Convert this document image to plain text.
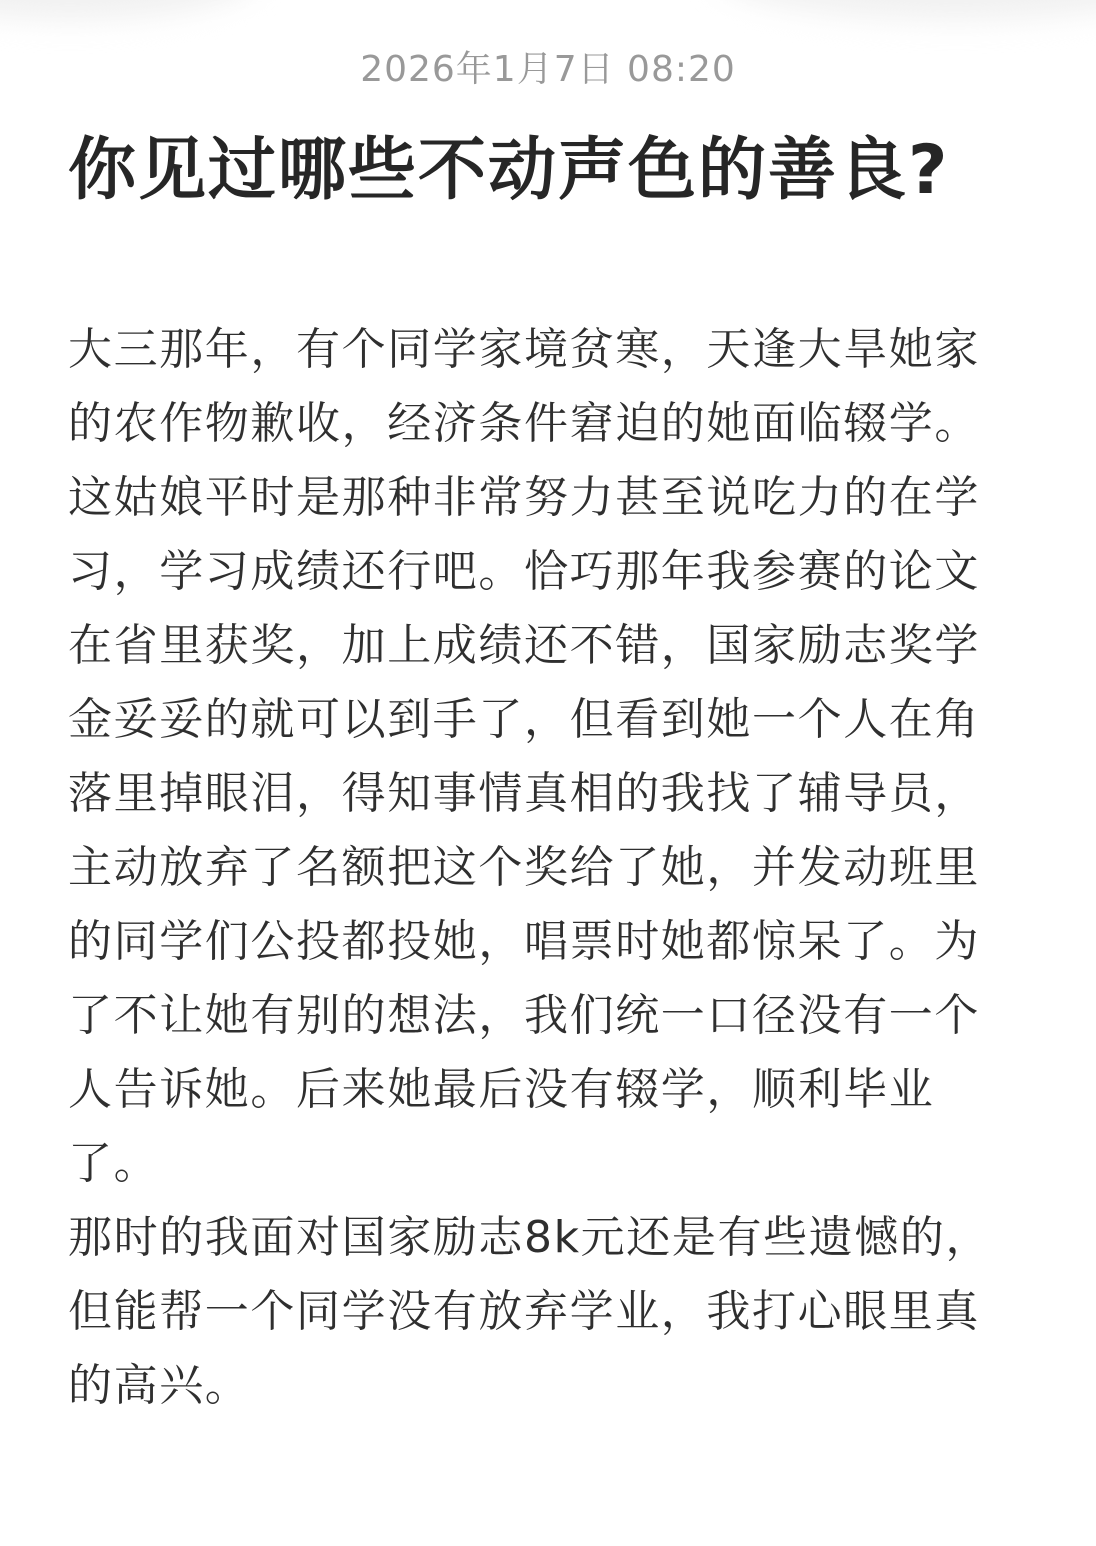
2026年1月7日 08:20
你见过哪些不动声色的善良?

大三那年，有个同学家境贫寒，天逢大旱她家
的农作物歉收，经济条件窘迫的她面临辍学。
这姑娘平时是那种非常努力甚至说吃力的在学
习，学习成绩还行吧。恰巧那年我参赛的论文
在省里获奖，加上成绩还不错，国家励志奖学
金妥妥的就可以到手了，但看到她一个人在角
落里掉眼泪，得知事情真相的我找了辅导员，
主动放弃了名额把这个奖给了她，并发动班里
的同学们公投都投她，唱票时她都惊呆了。为
了不让她有别的想法，我们统一口径没有一个
人告诉她。后来她最后没有辍学，顺利毕业
了。

那时的我面对国家励志8k元还是有些遗憾的，
但能帮一个同学没有放弃学业，我打心眼里真
的高兴。
